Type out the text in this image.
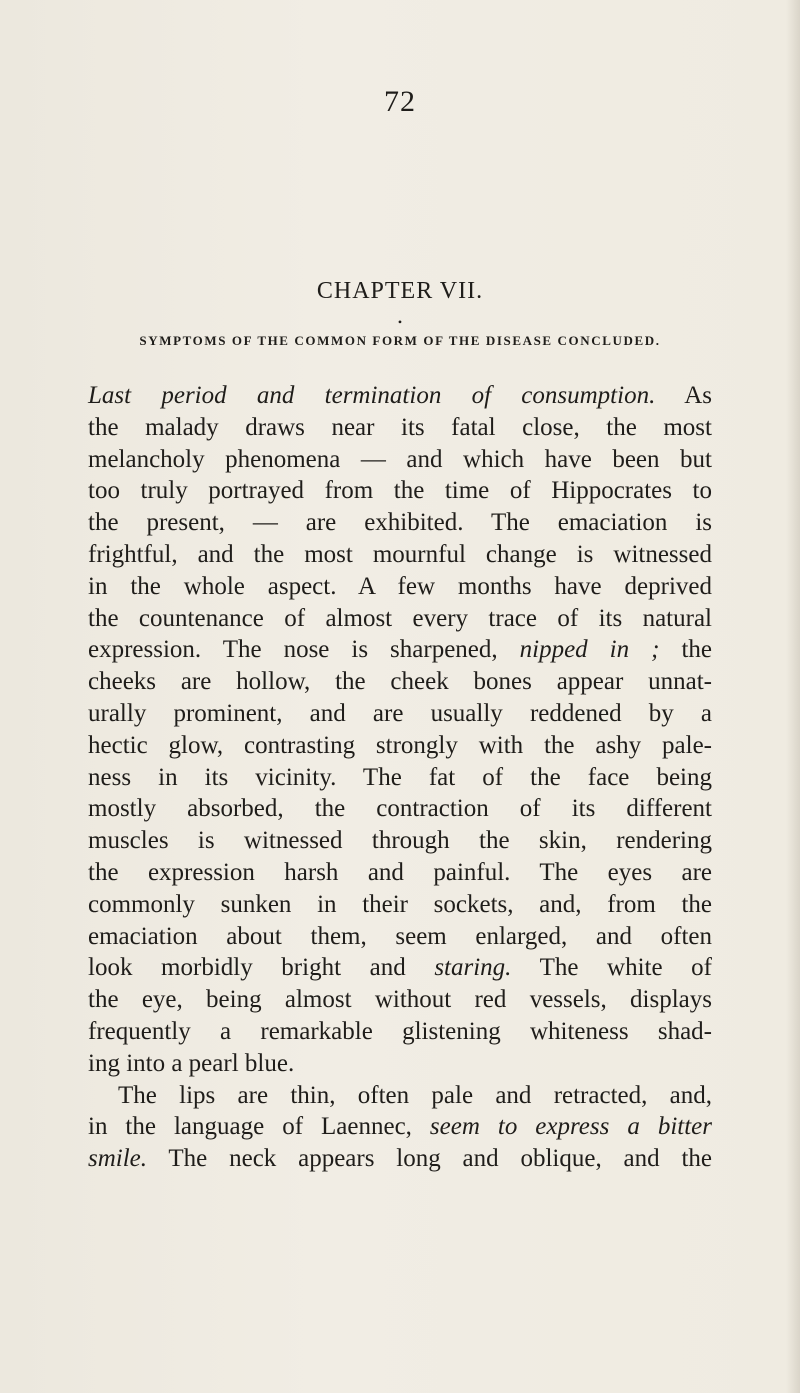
72
CHAPTER VII.
•
SYMPTOMS OF THE COMMON FORM OF THE DISEASE CONCLUDED.
Last period and termination of consumption. As
the malady draws near its fatal close, the most
melancholy phenomena — and which have been but
too truly portrayed from the time of Hippocrates to
the present, — are exhibited. The emaciation is
frightful, and the most mournful change is witnessed
in the whole aspect. A few months have deprived
the countenance of almost every trace of its natural
expression. The nose is sharpened, nipped in ; the
cheeks are hollow, the cheek bones appear unnat-
urally prominent, and are usually reddened by a
hectic glow, contrasting strongly with the ashy pale-
ness in its vicinity. The fat of the face being
mostly absorbed, the contraction of its different
muscles is witnessed through the skin, rendering
the expression harsh and painful. The eyes are
commonly sunken in their sockets, and, from the
emaciation about them, seem enlarged, and often
look morbidly bright and staring. The white of
the eye, being almost without red vessels, displays
frequently a remarkable glistening whiteness shad-
ing into a pearl blue.
The lips are thin, often pale and retracted, and,
in the language of Laennec, seem to express a bitter
smile. The neck appears long and oblique, and the
